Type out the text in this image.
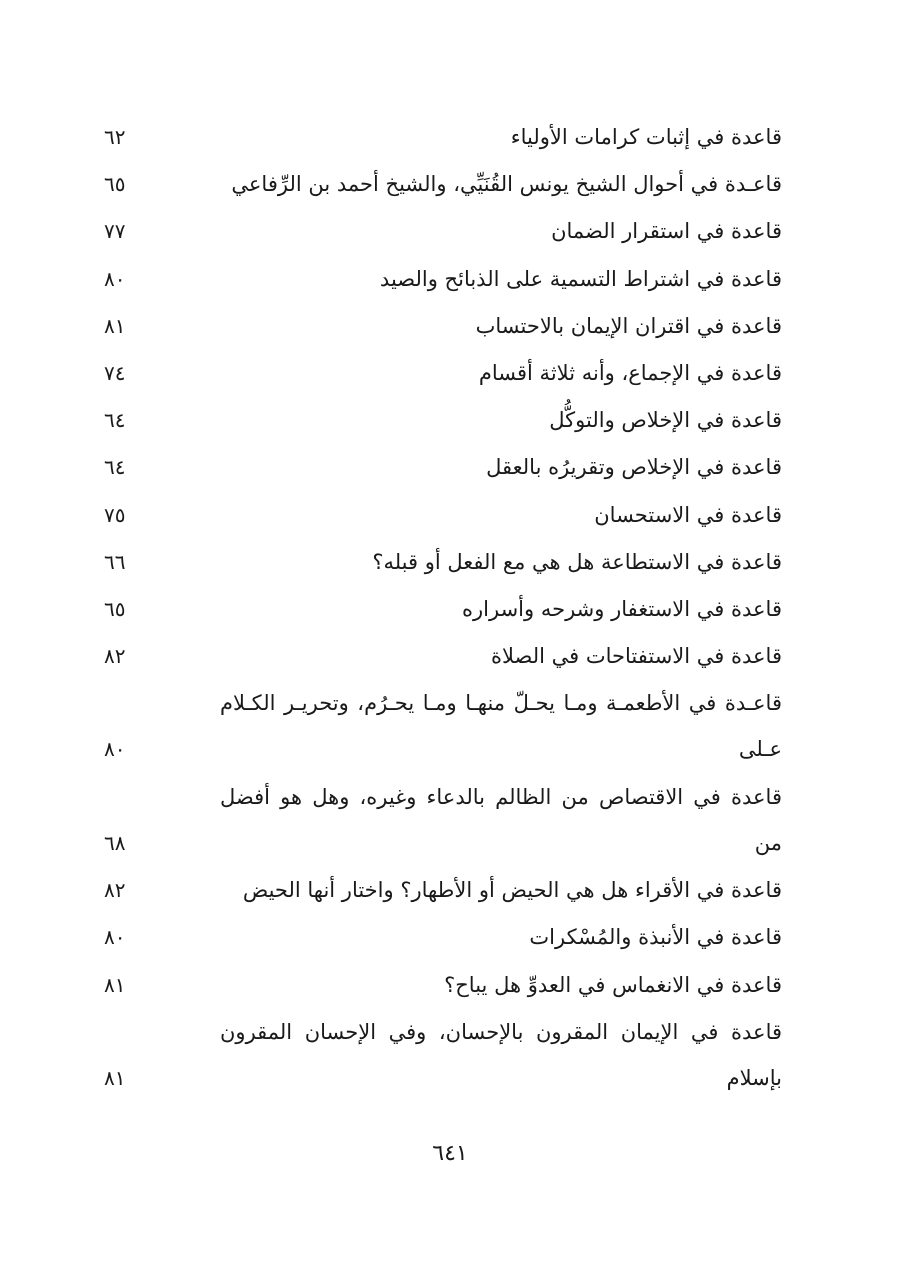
قاعدة في إثبات كرامات الأولياء
٦٢
قاعـدة في أحوال الشيخ يونس القُنَيِّي، والشيخ أحمد بن الرِّفاعي
٦٥
قاعدة في استقرار الضمان
٧٧
قاعدة في اشتراط التسمية على الذبائح والصيد
٨٠
قاعدة في اقتران الإيمان بالاحتساب
٨١
قاعدة في الإجماع، وأنه ثلاثة أقسام
٧٤
قاعدة في الإخلاص والتوكُّل
٦٤
قاعدة في الإخلاص وتقريرُه بالعقل
٦٤
قاعدة في الاستحسان
٧٥
قاعدة في الاستطاعة هل هي مع الفعل أو قبله؟
٦٦
قاعدة في الاستغفار وشرحه وأسراره
٦٥
قاعدة في الاستفتاحات في الصلاة
٨٢
قاعـدة في الأطعمـة ومـا يحـلّ منهـا ومـا يحـرُم، وتحريـر الكـلام عـلى
٨٠
قاعدة في الاقتصاص من الظالم بالدعاء وغيره، وهل هو أفضل من
٦٨
قاعدة في الأقراء هل هي الحيض أو الأطهار؟ واختار أنها الحيض
٨٢
قاعدة في الأنبذة والمُسْكرات
٨٠
قاعدة في الانغماس في العدوِّ هل يباح؟
٨١
قاعدة في الإيمان المقرون بالإحسان، وفي الإحسان المقرون بإسلام
٨١
٦٤١
